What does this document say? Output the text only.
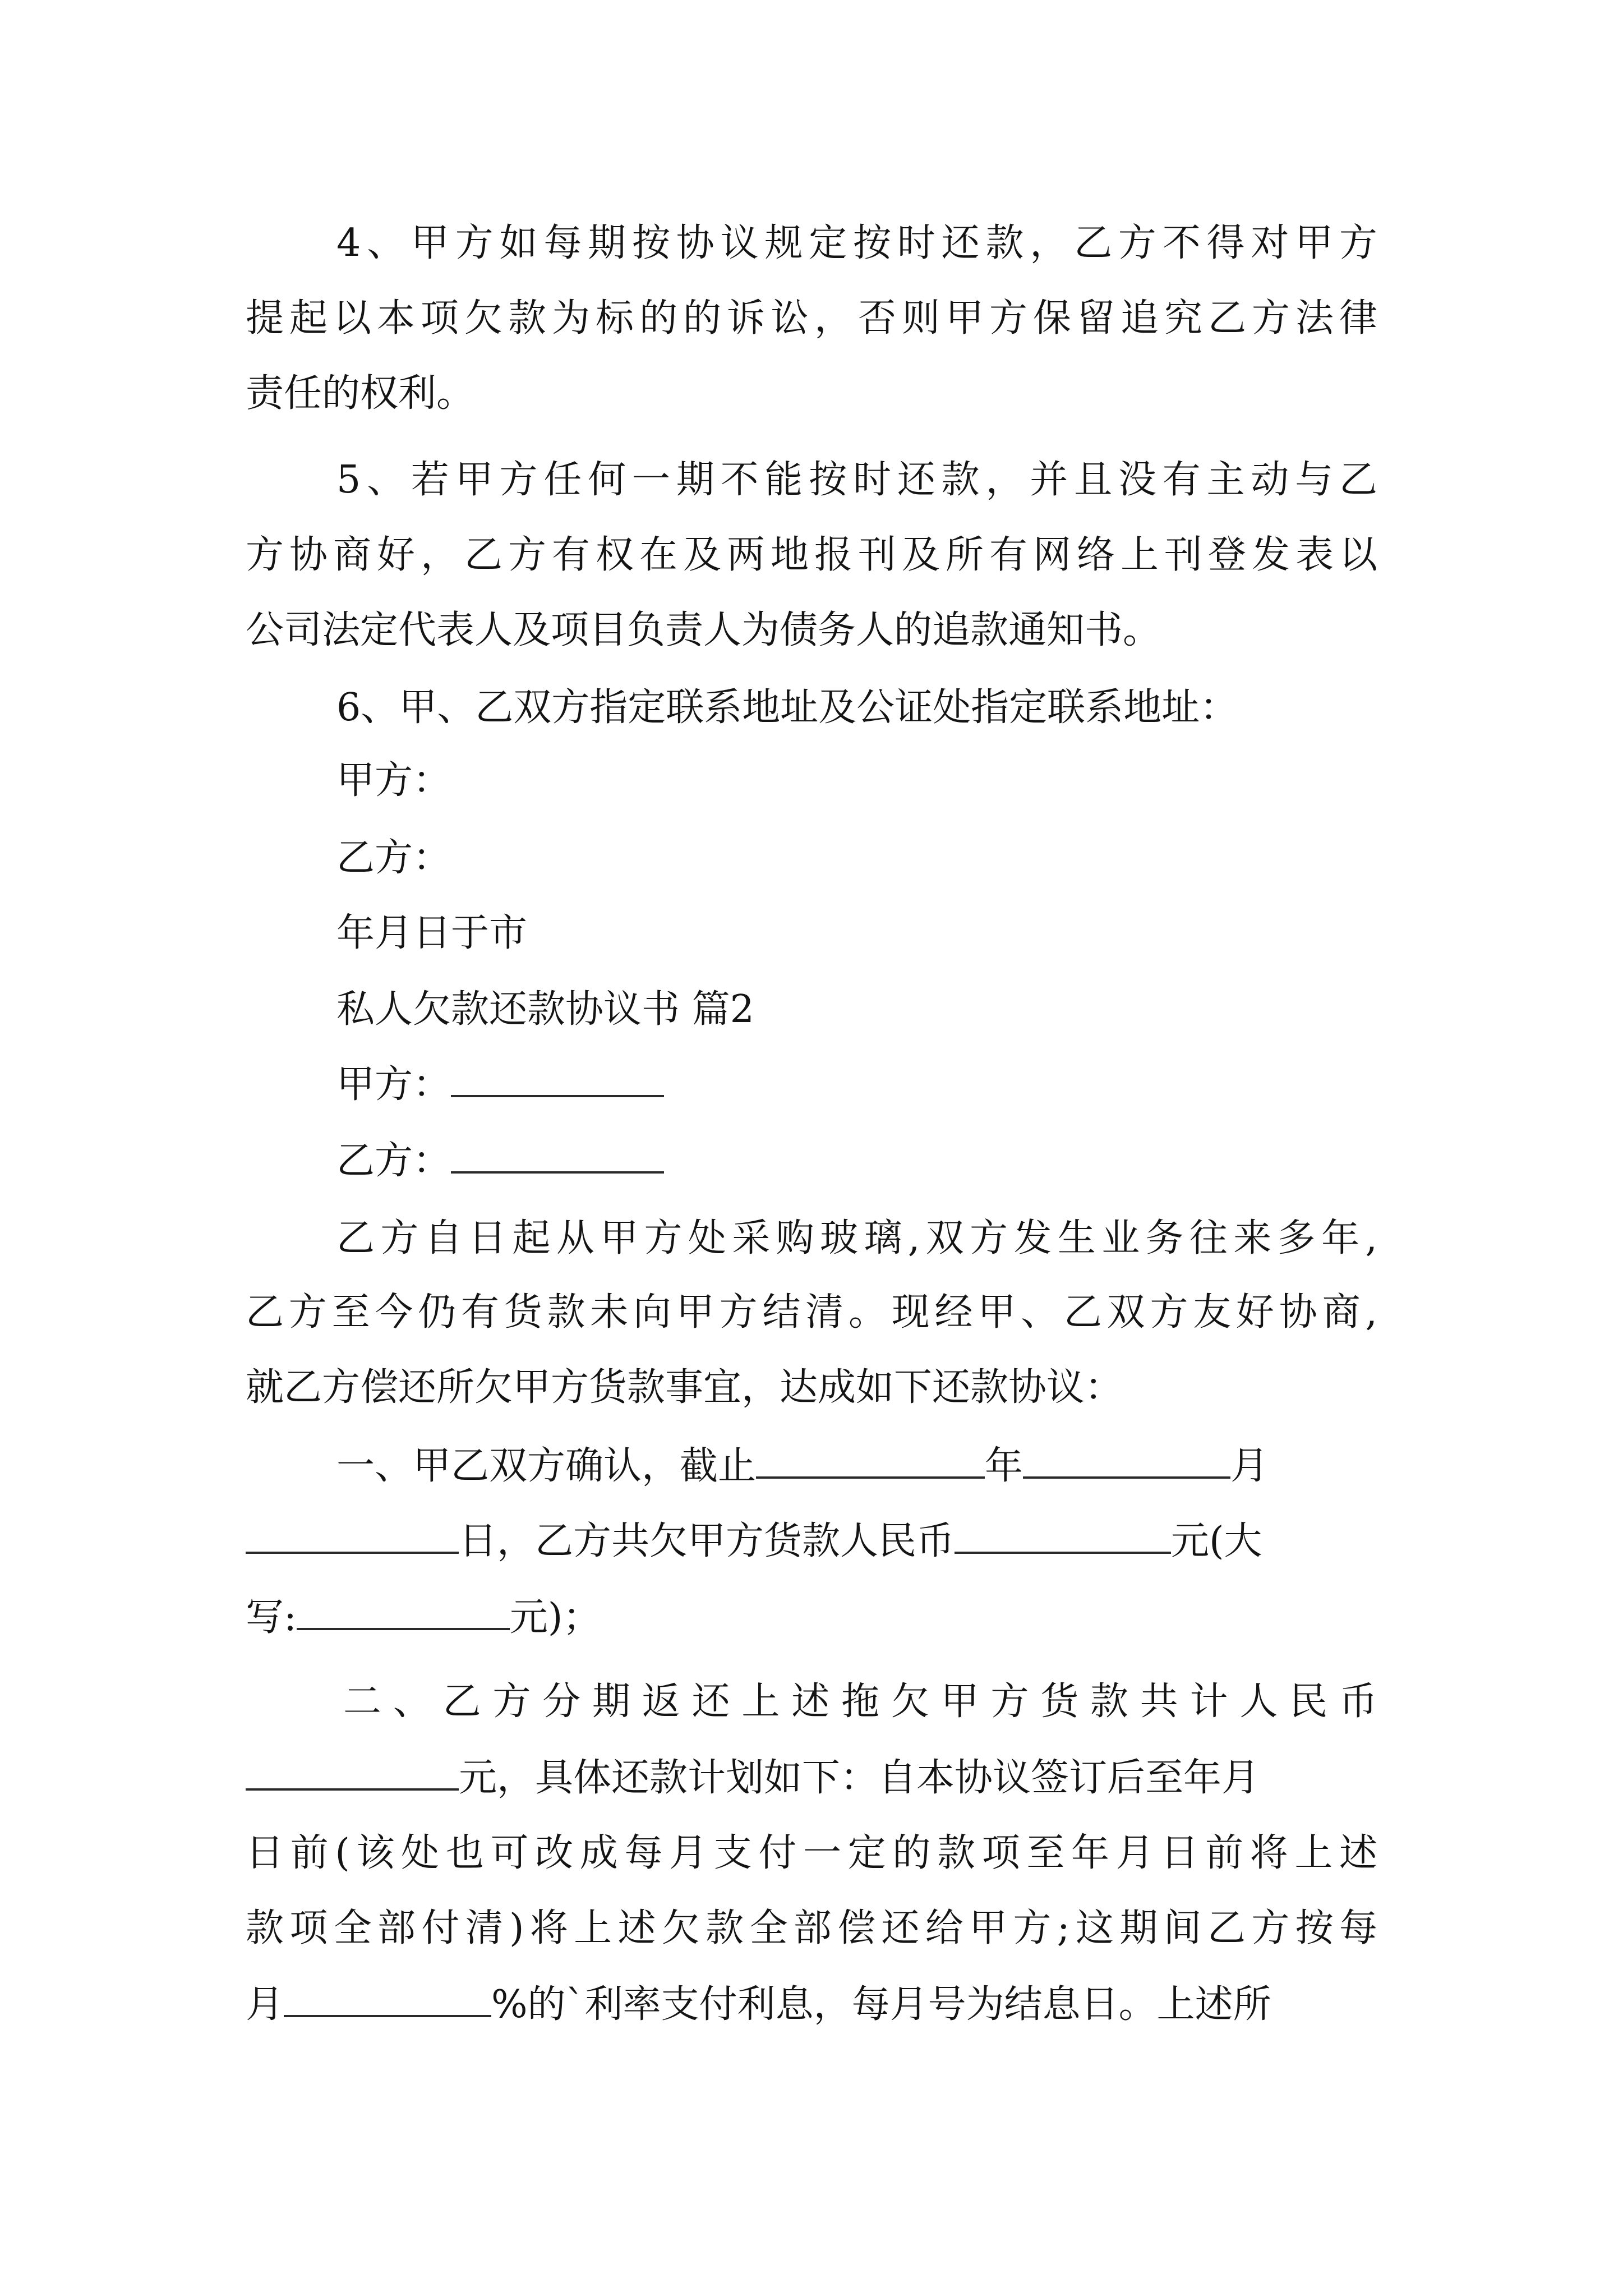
4、甲方如每期按协议规定按时还款，乙方不得对甲方
提起以本项欠款为标的的诉讼，否则甲方保留追究乙方法律
责任的权利。
5、若甲方任何一期不能按时还款，并且没有主动与乙
方协商好，乙方有权在及两地报刊及所有网络上刊登发表以
公司法定代表人及项目负责人为债务人的追款通知书。
6、甲、乙双方指定联系地址及公证处指定联系地址：
甲方：
乙方：
年月日于市
私人欠款还款协议书 篇2
甲方：
乙方：
乙方自日起从甲方处采购玻璃,双方发生业务往来多年,
乙方至今仍有货款未向甲方结清。现经甲、乙双方友好协商,
就乙方偿还所欠甲方货款事宜，达成如下还款协议：
一、甲乙双方确认，截止	年	月
日，乙方共欠甲方货款人民币	元(大
写:	元)；
二、乙方分期返还上述拖欠甲方货款共计人民币
元，具体还款计划如下：自本协议签订后至年月
日前(该处也可改成每月支付一定的款项至年月日前将上述
款项全部付清)将上述欠款全部偿还给甲方;这期间乙方按每
月	%的`利率支付利息，每月号为结息日。上述所
